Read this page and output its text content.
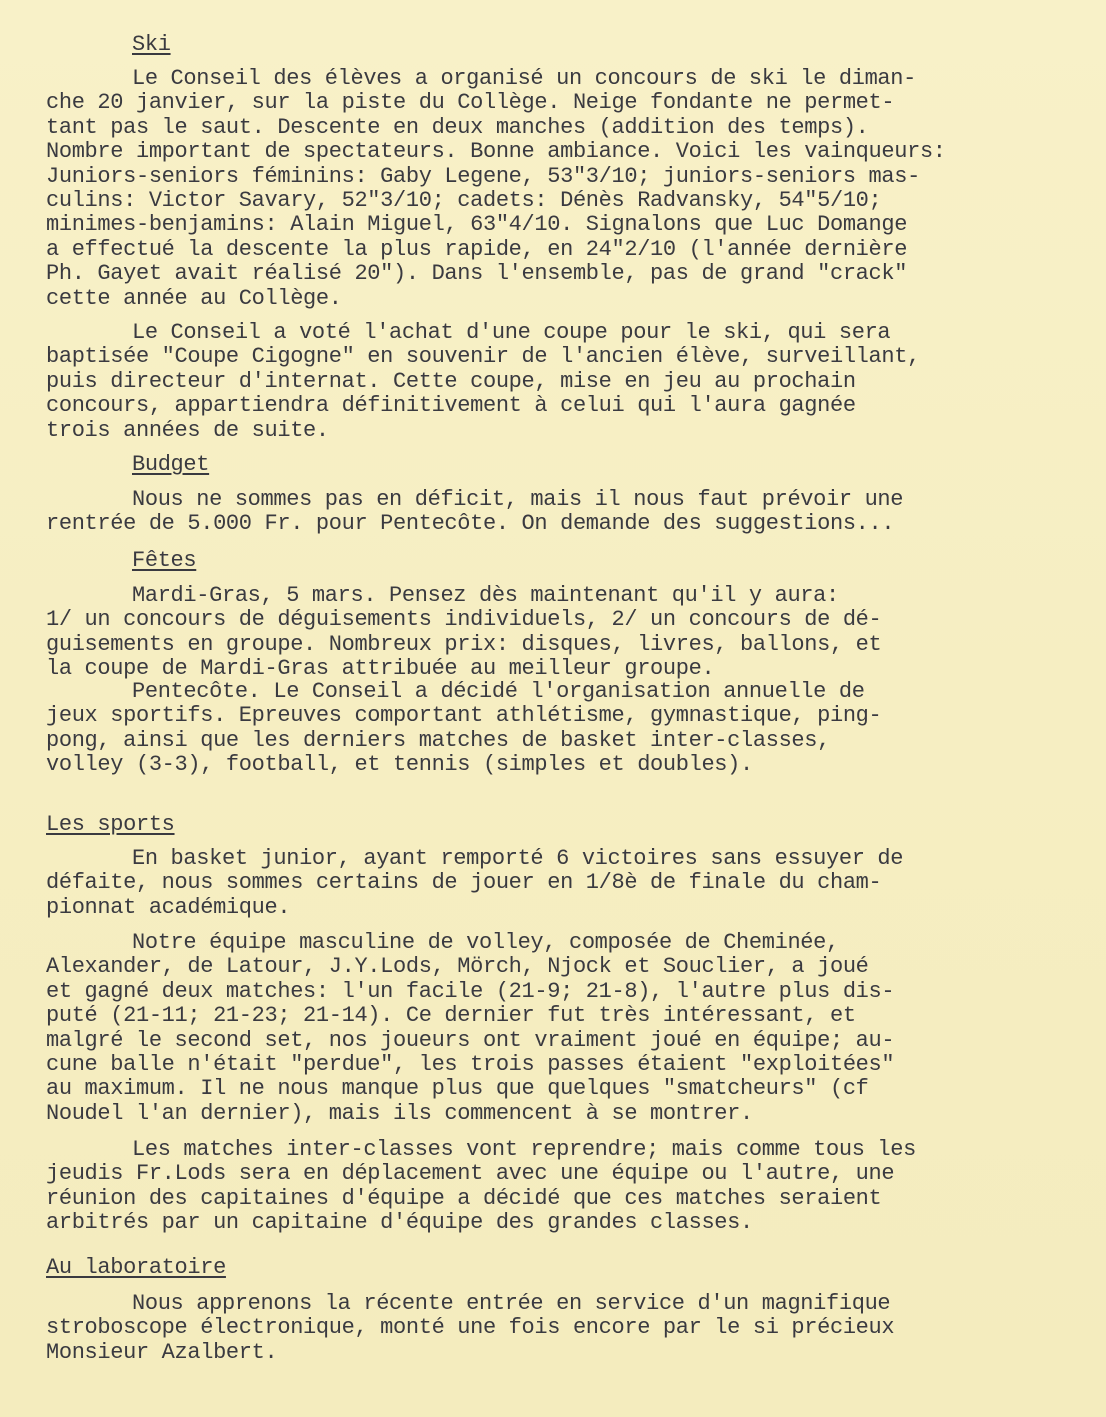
Ski
Le Conseil des élèves a organisé un concours de ski le diman-
che 20 janvier, sur la piste du Collège. Neige fondante ne permet-
tant pas le saut. Descente en deux manches (addition des temps).
Nombre important de spectateurs. Bonne ambiance. Voici les vainqueurs:
Juniors-seniors féminins: Gaby Legene, 53"3/10; juniors-seniors mas-
culins: Victor Savary, 52"3/10; cadets: Dénès Radvansky, 54"5/10;
minimes-benjamins: Alain Miguel, 63"4/10. Signalons que Luc Domange
a effectué la descente la plus rapide, en 24"2/10 (l'année dernière
Ph. Gayet avait réalisé 20"). Dans l'ensemble, pas de grand "crack"
cette année au Collège.
Le Conseil a voté l'achat d'une coupe pour le ski, qui sera
baptisée "Coupe Cigogne" en souvenir de l'ancien élève, surveillant,
puis directeur d'internat. Cette coupe, mise en jeu au prochain
concours, appartiendra définitivement à celui qui l'aura gagnée
trois années de suite.
Budget
Nous ne sommes pas en déficit, mais il nous faut prévoir une
rentrée de 5.000 Fr. pour Pentecôte. On demande des suggestions...
Fêtes
Mardi-Gras, 5 mars. Pensez dès maintenant qu'il y aura:
1/ un concours de déguisements individuels, 2/ un concours de dé-
guisements en groupe. Nombreux prix: disques, livres, ballons, et
la coupe de Mardi-Gras attribuée au meilleur groupe.
Pentecôte. Le Conseil a décidé l'organisation annuelle de
jeux sportifs. Epreuves comportant athlétisme, gymnastique, ping-
pong, ainsi que les derniers matches de basket inter-classes,
volley (3-3), football, et tennis (simples et doubles).
Les sports
En basket junior, ayant remporté 6 victoires sans essuyer de
défaite, nous sommes certains de jouer en 1/8è de finale du cham-
pionnat académique.
Notre équipe masculine de volley, composée de Cheminée,
Alexander, de Latour, J.Y.Lods, Mörch, Njock et Souclier, a joué
et gagné deux matches: l'un facile (21-9; 21-8), l'autre plus dis-
puté (21-11; 21-23; 21-14). Ce dernier fut très intéressant, et
malgré le second set, nos joueurs ont vraiment joué en équipe; au-
cune balle n'était "perdue", les trois passes étaient "exploitées"
au maximum. Il ne nous manque plus que quelques "smatcheurs" (cf
Noudel l'an dernier), mais ils commencent à se montrer.
Les matches inter-classes vont reprendre; mais comme tous les
jeudis Fr.Lods sera en déplacement avec une équipe ou l'autre, une
réunion des capitaines d'équipe a décidé que ces matches seraient
arbitrés par un capitaine d'équipe des grandes classes.
Au laboratoire
Nous apprenons la récente entrée en service d'un magnifique
stroboscope électronique, monté une fois encore par le si précieux
Monsieur Azalbert.
